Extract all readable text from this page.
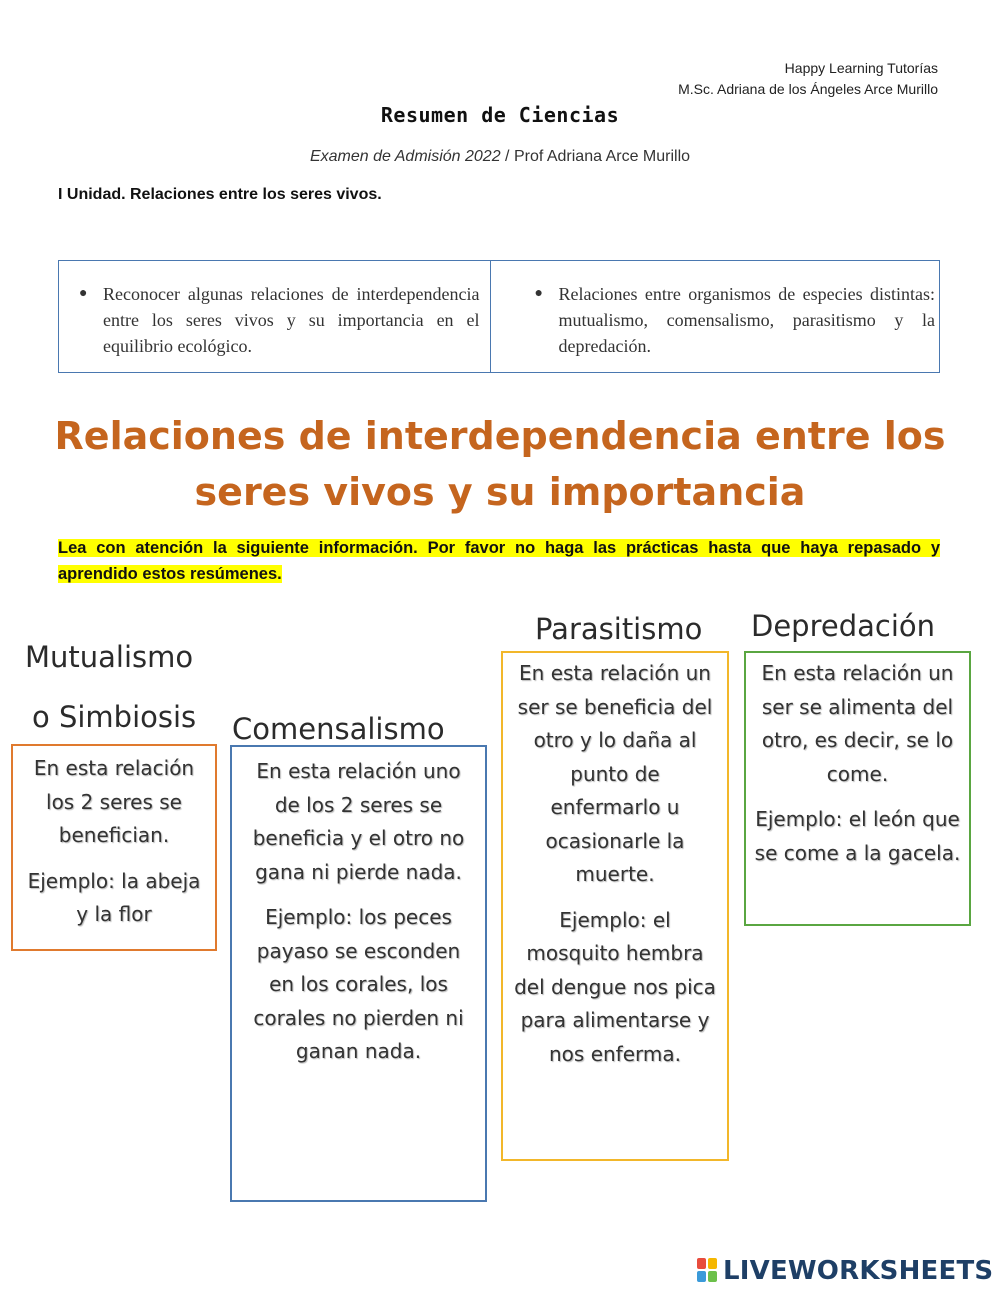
Happy Learning Tutorías
M.Sc. Adriana de los Ángeles Arce Murillo
Resumen de Ciencias
Examen de Admisión 2022 / Prof Adriana Arce Murillo
I Unidad. Relaciones entre los seres vivos.
● Reconocer algunas relaciones de interdependencia entre los seres vivos y su importancia en el equilibrio ecológico.
● Relaciones entre organismos de especies distintas: mutualismo, comensalismo, parasitismo y la depredación.
Relaciones de interdependencia entre los seres vivos y su importancia
Lea con atención la siguiente información. Por favor no haga las prácticas hasta que haya repasado y aprendido estos resúmenes.
Mutualismo
o Simbiosis

En esta relación los 2 seres se benefician.

Ejemplo: la abeja y la flor

Comensalismo

En esta relación uno de los 2 seres se beneficia y el otro no gana ni pierde nada.

Ejemplo: los peces payaso se esconden en los corales, los corales no pierden ni ganan nada.

Parasitismo

En esta relación un ser se beneficia del otro y lo daña al punto de enfermarlo u ocasionarle la muerte.

Ejemplo: el mosquito hembra del dengue nos pica para alimentarse y nos enferma.

Depredación

En esta relación un ser se alimenta del otro, es decir, se lo come.

Ejemplo: el león que se come a la gacela.

LIVEWORKSHEETS
